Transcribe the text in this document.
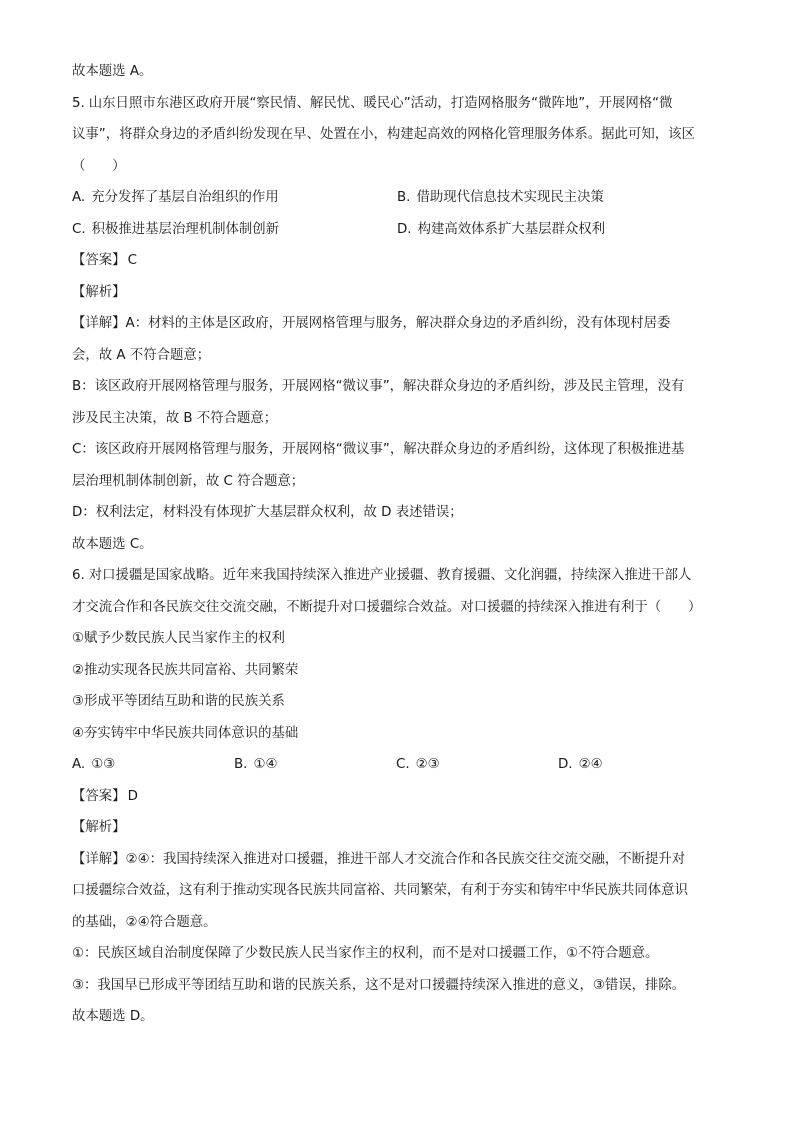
故本题选 A。
5. 山东日照市东港区政府开展“察民情、解民忧、暖民心”活动，打造网格服务“微阵地”，开展网格“微
议事”，将群众身边的矛盾纠纷发现在早、处置在小，构建起高效的网格化管理服务体系。据此可知，该区
（　　）
A. 充分发挥了基层自治组织的作用	B. 借助现代信息技术实现民主决策
C. 积极推进基层治理机制体制创新	D. 构建高效体系扩大基层群众权利
【答案】 C
【解析】
【详解】A：材料的主体是区政府，开展网格管理与服务，解决群众身边的矛盾纠纷，没有体现村居委
会，故 A 不符合题意；
B：该区政府开展网格管理与服务，开展网格“微议事”，解决群众身边的矛盾纠纷，涉及民主管理，没有
涉及民主决策，故 B 不符合题意；
C：该区政府开展网格管理与服务，开展网格“微议事”，解决群众身边的矛盾纠纷，这体现了积极推进基
层治理机制体制创新，故 C 符合题意；
D：权利法定，材料没有体现扩大基层群众权利，故 D 表述错误；
故本题选 C。
6. 对口援疆是国家战略。近年来我国持续深入推进产业援疆、教育援疆、文化润疆，持续深入推进干部人
才交流合作和各民族交往交流交融，不断提升对口援疆综合效益。对口援疆的持续深入推进有利于（　　）
①赋予少数民族人民当家作主的权利
②推动实现各民族共同富裕、共同繁荣
③形成平等团结互助和谐的民族关系
④夯实铸牢中华民族共同体意识的基础
A. ①③	B. ①④	C. ②③	D. ②④
【答案】 D
【解析】
【详解】②④：我国持续深入推进对口援疆，推进干部人才交流合作和各民族交往交流交融，不断提升对
口援疆综合效益，这有利于推动实现各民族共同富裕、共同繁荣，有利于夯实和铸牢中华民族共同体意识
的基础，②④符合题意。
①：民族区域自治制度保障了少数民族人民当家作主的权利，而不是对口援疆工作，①不符合题意。
③：我国早已形成平等团结互助和谐的民族关系，这不是对口援疆持续深入推进的意义，③错误，排除。
故本题选 D。
